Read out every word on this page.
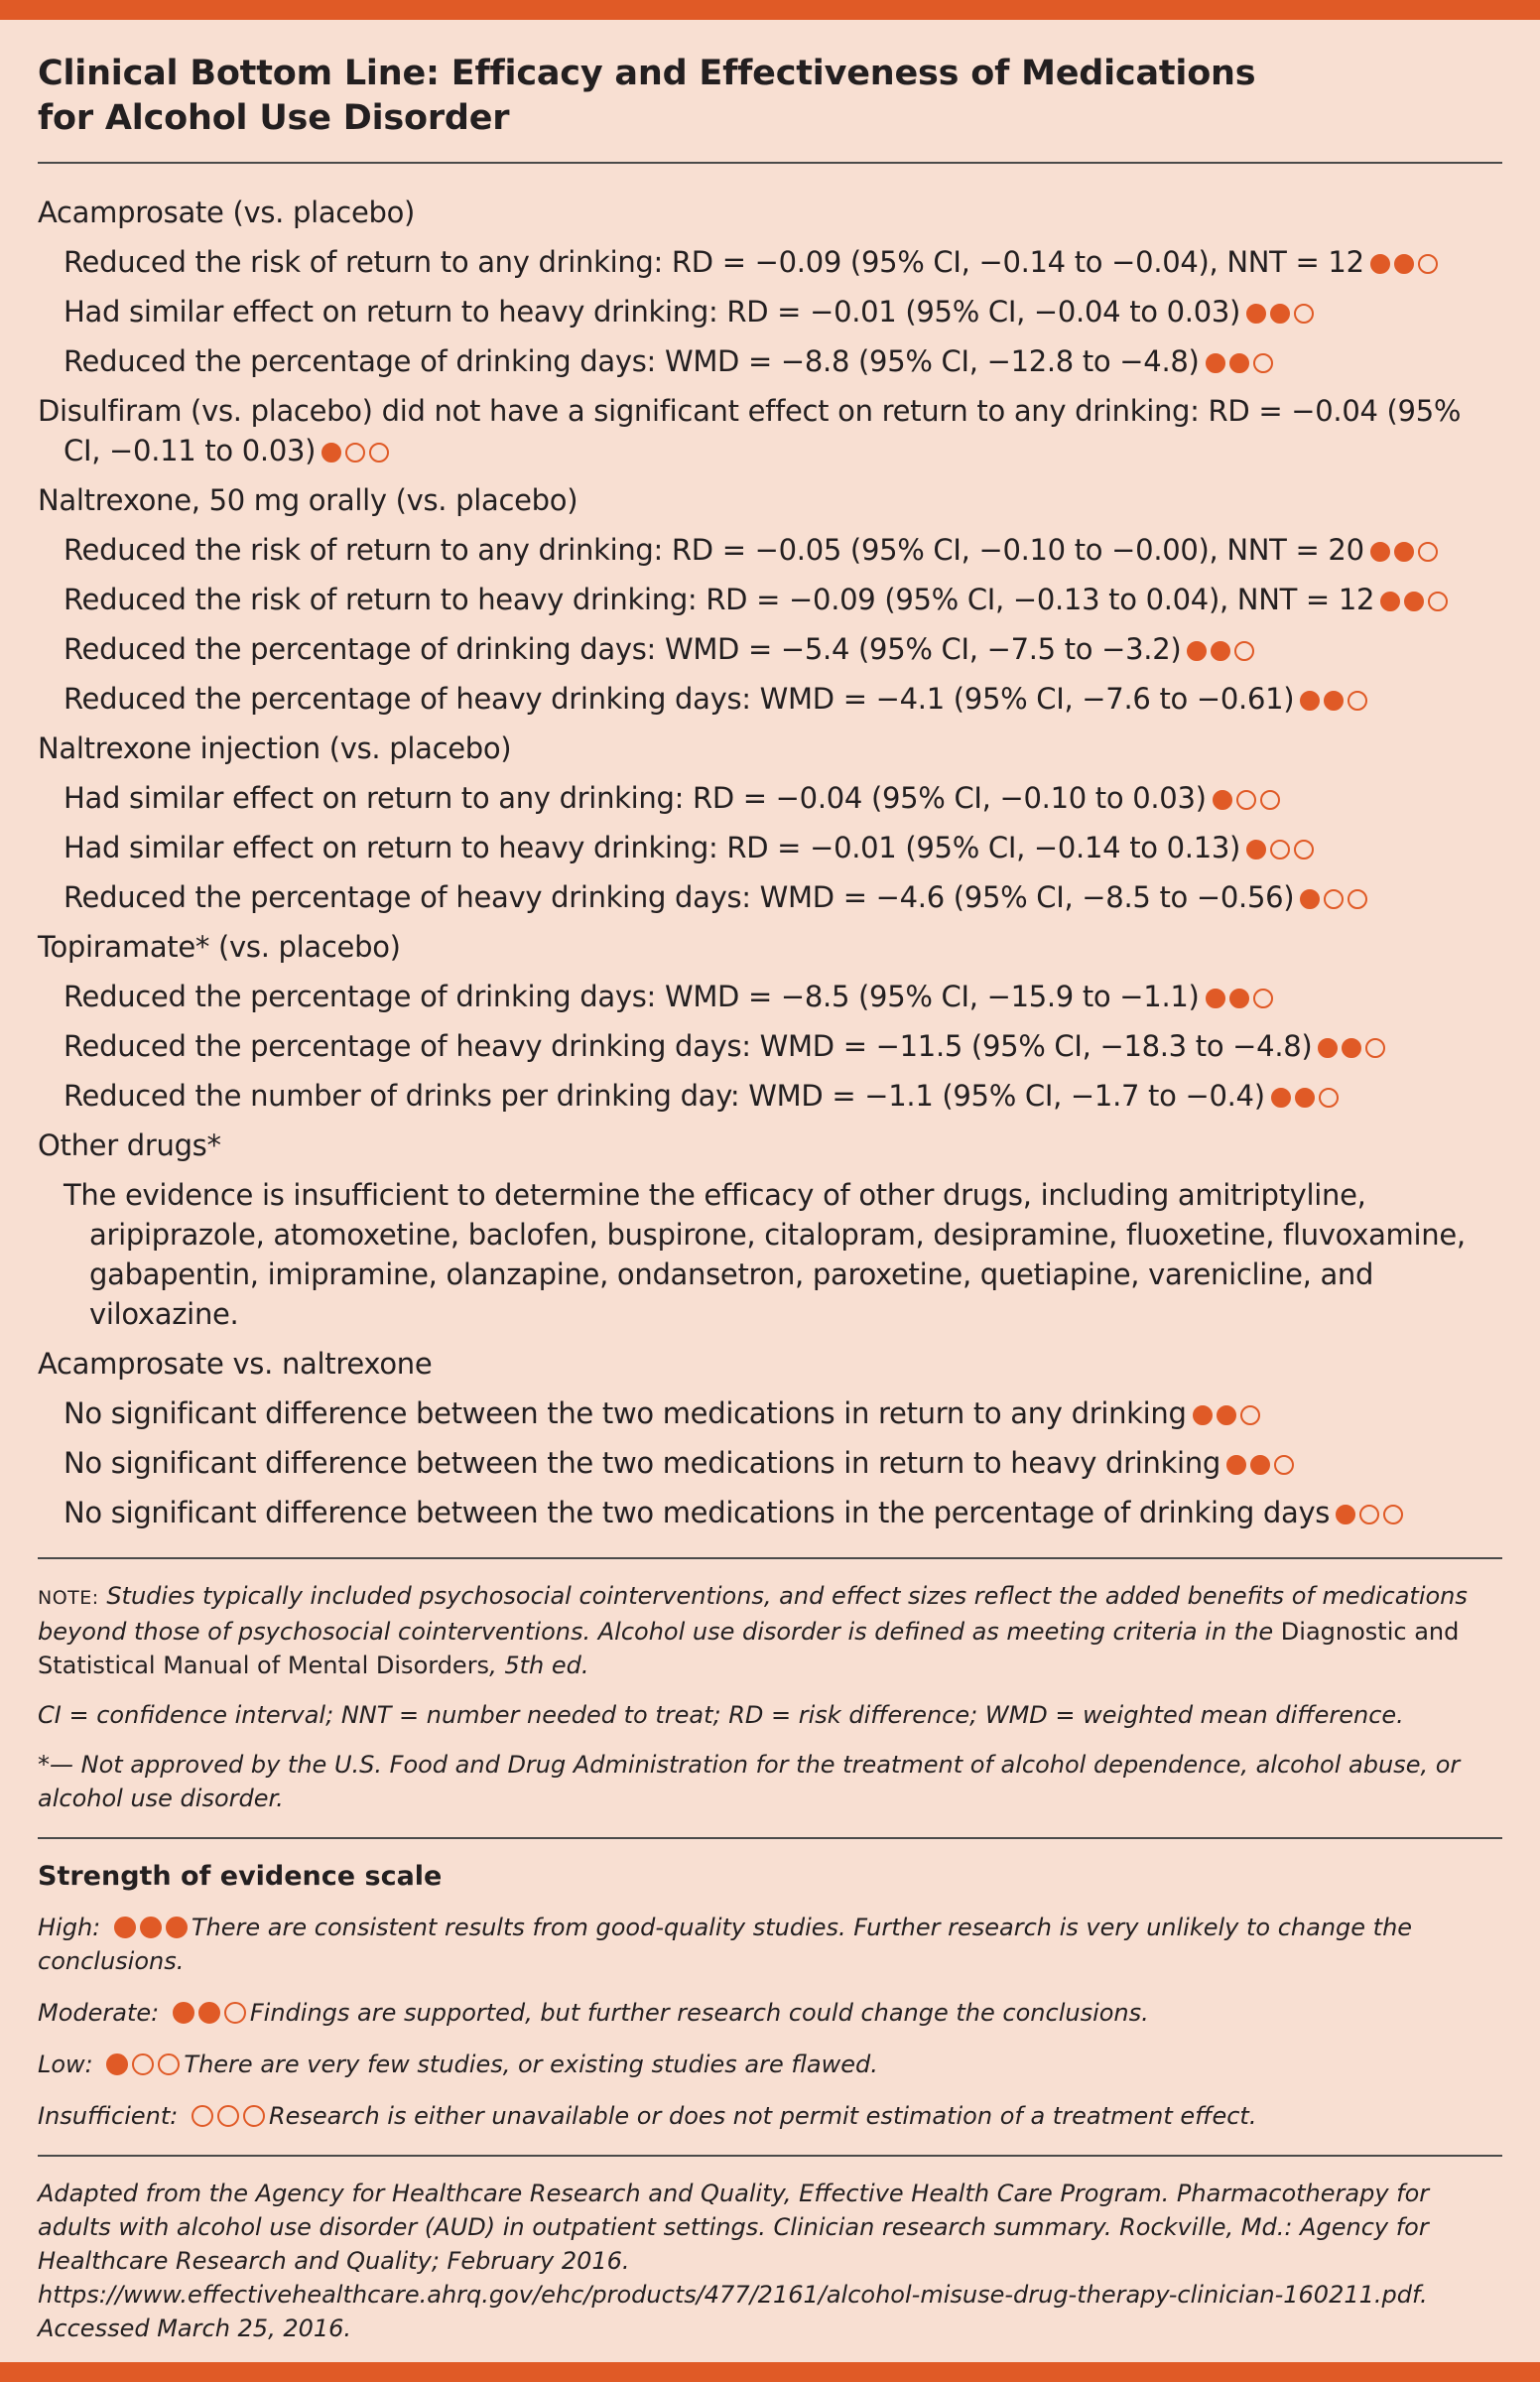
Clinical Bottom Line: Efficacy and Effectiveness of Medications
for Alcohol Use Disorder
Acamprosate (vs. placebo)
Reduced the risk of return to any drinking: RD = −0.09 (95% CI, −0.14 to −0.04), NNT = 12
Had similar effect on return to heavy drinking: RD = −0.01 (95% CI, −0.04 to 0.03)
Reduced the percentage of drinking days: WMD = −8.8 (95% CI, −12.8 to −4.8)
Disulfiram (vs. placebo) did not have a significant effect on return to any drinking: RD = −0.04 (95% CI, −0.11 to 0.03)
Naltrexone, 50 mg orally (vs. placebo)
Reduced the risk of return to any drinking: RD = −0.05 (95% CI, −0.10 to −0.00), NNT = 20
Reduced the risk of return to heavy drinking: RD = −0.09 (95% CI, −0.13 to 0.04), NNT = 12
Reduced the percentage of drinking days: WMD = −5.4 (95% CI, −7.5 to −3.2)
Reduced the percentage of heavy drinking days: WMD = −4.1 (95% CI, −7.6 to −0.61)
Naltrexone injection (vs. placebo)
Had similar effect on return to any drinking: RD = −0.04 (95% CI, −0.10 to 0.03)
Had similar effect on return to heavy drinking: RD = −0.01 (95% CI, −0.14 to 0.13)
Reduced the percentage of heavy drinking days: WMD = −4.6 (95% CI, −8.5 to −0.56)
Topiramate* (vs. placebo)
Reduced the percentage of drinking days: WMD = −8.5 (95% CI, −15.9 to −1.1)
Reduced the percentage of heavy drinking days: WMD = −11.5 (95% CI, −18.3 to −4.8)
Reduced the number of drinks per drinking day: WMD = −1.1 (95% CI, −1.7 to −0.4)
Other drugs*
The evidence is insufficient to determine the efficacy of other drugs, including amitriptyline, aripiprazole, atomoxetine, baclofen, buspirone, citalopram, desipramine, fluoxetine, fluvoxamine, gabapentin, imipramine, olanzapine, ondansetron, paroxetine, quetiapine, varenicline, and viloxazine.
Acamprosate vs. naltrexone
No significant difference between the two medications in return to any drinking
No significant difference between the two medications in return to heavy drinking
No significant difference between the two medications in the percentage of drinking days

NOTE: Studies typically included psychosocial cointerventions, and effect sizes reflect the added benefits of medications beyond those of psychosocial cointerventions. Alcohol use disorder is defined as meeting criteria in the Diagnostic and Statistical Manual of Mental Disorders, 5th ed.

CI = confidence interval; NNT = number needed to treat; RD = risk difference; WMD = weighted mean difference.

*— Not approved by the U.S. Food and Drug Administration for the treatment of alcohol dependence, alcohol abuse, or alcohol use disorder.

Strength of evidence scale

High:	There are consistent results from good-quality studies. Further research is very unlikely to change the conclusions.

Moderate:	Findings are supported, but further research could change the conclusions.

Low:	There are very few studies, or existing studies are flawed.

Insufficient:	Research is either unavailable or does not permit estimation of a treatment effect.

Adapted from the Agency for Healthcare Research and Quality, Effective Health Care Program. Pharmacotherapy for adults with alcohol use disorder (AUD) in outpatient settings. Clinician research summary. Rockville, Md.: Agency for Healthcare Research and Quality; February 2016. https://www.effectivehealthcare.ahrq.gov/ehc/products/477/2161/alcohol-misuse-drug-therapy-clinician-160211.pdf. Accessed March 25, 2016.
